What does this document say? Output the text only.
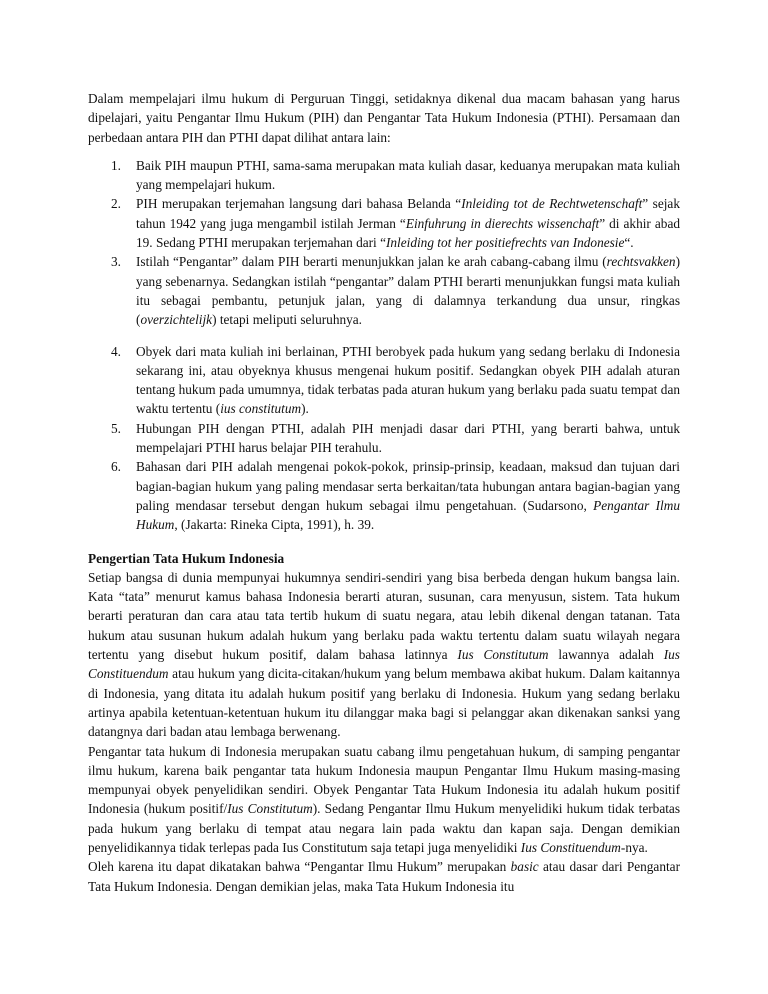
Dalam mempelajari ilmu hukum di Perguruan Tinggi, setidaknya dikenal dua macam bahasan yang harus dipelajari, yaitu Pengantar Ilmu Hukum (PIH) dan Pengantar Tata Hukum Indonesia (PTHI). Persamaan dan perbedaan antara PIH dan PTHI dapat dilihat antara lain:

1. Baik PIH maupun PTHI, sama-sama merupakan mata kuliah dasar, keduanya merupakan mata kuliah yang mempelajari hukum.
2. PIH merupakan terjemahan langsung dari bahasa Belanda “Inleiding tot de Rechtwetenschaft” sejak tahun 1942 yang juga mengambil istilah Jerman “Einfuhrung in dierechts wissenchaft” di akhir abad 19. Sedang PTHI merupakan terjemahan dari “Inleiding tot her positiefrechts van Indonesie“.
3. Istilah “Pengantar” dalam PIH berarti menunjukkan jalan ke arah cabang-cabang ilmu (rechtsvakken) yang sebenarnya. Sedangkan istilah “pengantar” dalam PTHI berarti menunjukkan fungsi mata kuliah itu sebagai pembantu, petunjuk jalan, yang di dalamnya terkandung dua unsur, ringkas (overzichtelijk) tetapi meliputi seluruhnya.
4. Obyek dari mata kuliah ini berlainan, PTHI berobyek pada hukum yang sedang berlaku di Indonesia sekarang ini, atau obyeknya khusus mengenai hukum positif. Sedangkan obyek PIH adalah aturan tentang hukum pada umumnya, tidak terbatas pada aturan hukum yang berlaku pada suatu tempat dan waktu tertentu (ius constitutum).
5. Hubungan PIH dengan PTHI, adalah PIH menjadi dasar dari PTHI, yang berarti bahwa, untuk mempelajari PTHI harus belajar PIH terahulu.
6. Bahasan dari PIH adalah mengenai pokok-pokok, prinsip-prinsip, keadaan, maksud dan tujuan dari bagian-bagian hukum yang paling mendasar serta berkaitan/tata hubungan antara bagian-bagian yang paling mendasar tersebut dengan hukum sebagai ilmu pengetahuan. (Sudarsono, Pengantar Ilmu Hukum, (Jakarta: Rineka Cipta, 1991), h. 39.
Pengertian Tata Hukum Indonesia

Setiap bangsa di dunia mempunyai hukumnya sendiri-sendiri yang bisa berbeda dengan hukum bangsa lain. Kata “tata” menurut kamus bahasa Indonesia berarti aturan, susunan, cara menyusun, sistem. Tata hukum berarti peraturan dan cara atau tata tertib hukum di suatu negara, atau lebih dikenal dengan tatanan. Tata hukum atau susunan hukum adalah hukum yang berlaku pada waktu tertentu dalam suatu wilayah negara tertentu yang disebut hukum positif, dalam bahasa latinnya Ius Constitutum lawannya adalah Ius Constituendum atau hukum yang dicita-citakan/hukum yang belum membawa akibat hukum. Dalam kaitannya di Indonesia, yang ditata itu adalah hukum positif yang berlaku di Indonesia. Hukum yang sedang berlaku artinya apabila ketentuan-ketentuan hukum itu dilanggar maka bagi si pelanggar akan dikenakan sanksi yang datangnya dari badan atau lembaga berwenang.

Pengantar tata hukum di Indonesia merupakan suatu cabang ilmu pengetahuan hukum, di samping pengantar ilmu hukum, karena baik pengantar tata hukum Indonesia maupun Pengantar Ilmu Hukum masing-masing mempunyai obyek penyelidikan sendiri. Obyek Pengantar Tata Hukum Indonesia itu adalah hukum positif Indonesia (hukum positif/Ius Constitutum). Sedang Pengantar Ilmu Hukum menyelidiki hukum tidak terbatas pada hukum yang berlaku di tempat atau negara lain pada waktu dan kapan saja. Dengan demikian penyelidikannya tidak terlepas pada Ius Constitutum saja tetapi juga menyelidiki Ius Constituendum-nya.

Oleh karena itu dapat dikatakan bahwa “Pengantar Ilmu Hukum” merupakan basic atau dasar dari Pengantar Tata Hukum Indonesia. Dengan demikian jelas, maka Tata Hukum Indonesia itu
